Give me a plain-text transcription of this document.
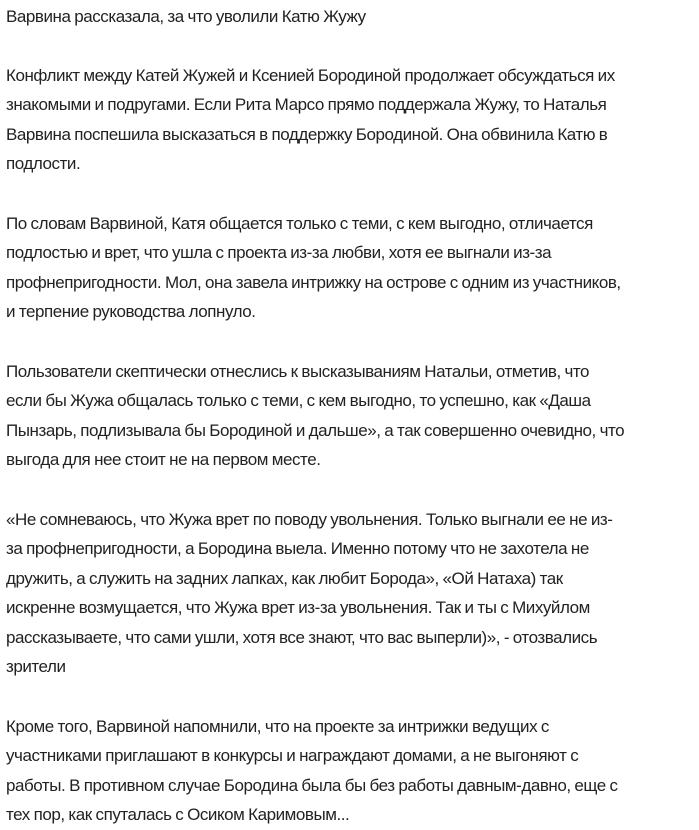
Варвина рассказала, за что уволили Катю Жужу

Конфликт между Катей Жужей и Ксенией Бородиной продолжает обсуждаться их
знакомыми и подругами. Если Рита Марсо прямо поддержала Жужу, то Наталья
Варвина поспешила высказаться в поддержку Бородиной. Она обвинила Катю в
подлости.

По словам Варвиной, Катя общается только с теми, с кем выгодно, отличается
подлостью и врет, что ушла с проекта из-за любви, хотя ее выгнали из-за
профнепригодности. Мол, она завела интрижку на острове с одним из участников,
и терпение руководства лопнуло.

Пользователи скептически отнеслись к высказываниям Натальи, отметив, что
если бы Жужа общалась только с теми, с кем выгодно, то успешно, как «Даша
Пынзарь, подлизывала бы Бородиной и дальше», а так совершенно очевидно, что
выгода для нее стоит не на первом месте.

«Не сомневаюсь, что Жужа врет по поводу увольнения. Только выгнали ее не из-
за профнепригодности, а Бородина выела. Именно потому что не захотела не
дружить, а служить на задних лапках, как любит Борода», «Ой Натаха) так
искренне возмущается, что Жужа врет из-за увольнения. Так и ты с Михуйлом
рассказываете, что сами ушли, хотя все знают, что вас выперли)», - отозвались
зрители

Кроме того, Варвиной напомнили, что на проекте за интрижки ведущих с
участниками приглашают в конкурсы и награждают домами, а не выгоняют с
работы. В противном случае Бородина была бы без работы давным-давно, еще с
тех пор, как спуталась с Осиком Каримовым...
